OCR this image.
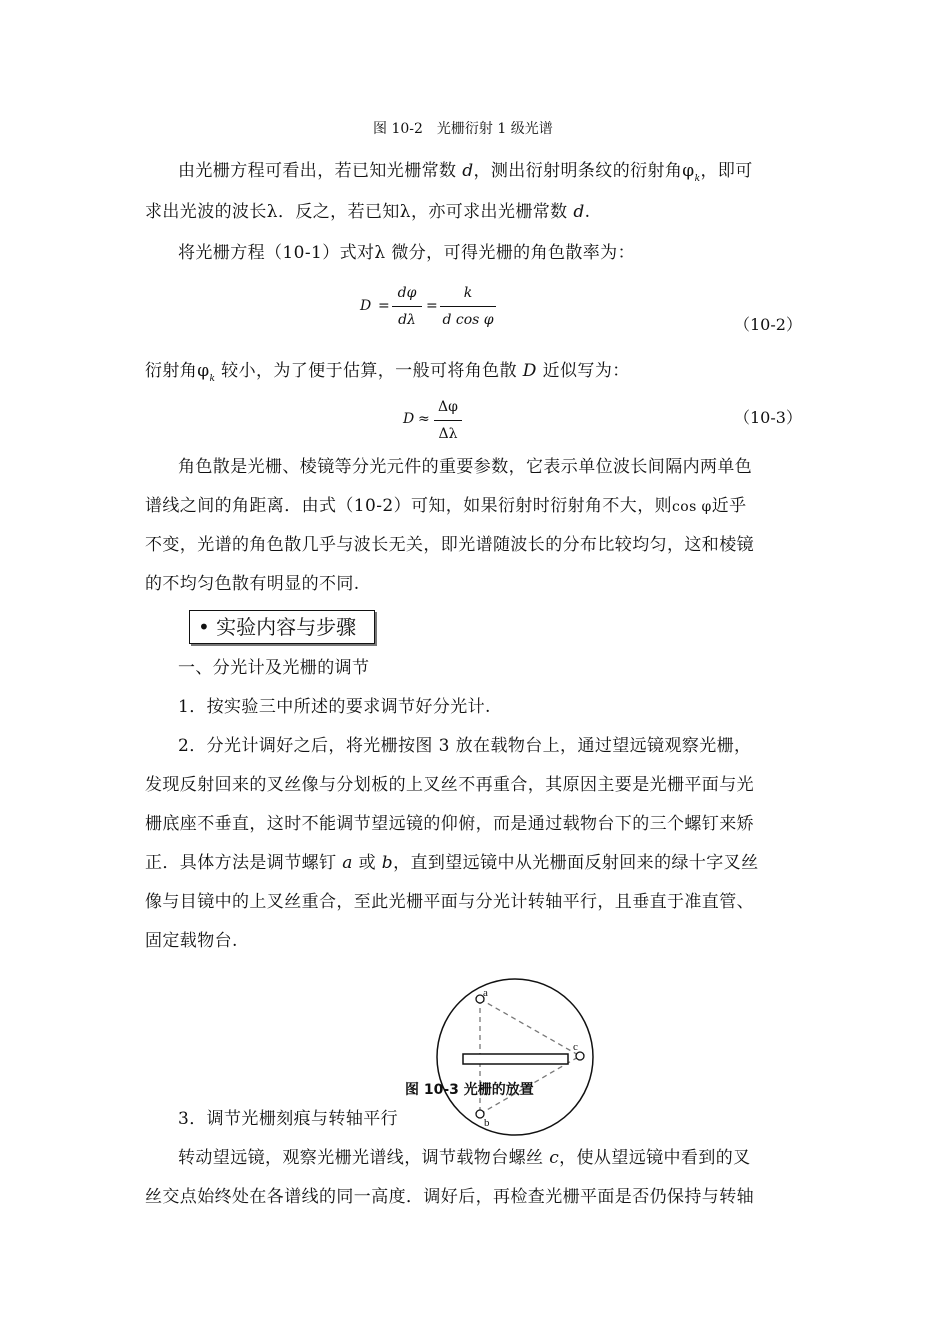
图 10-2　光栅衍射 1 级光谱
由光栅方程可看出，若已知光栅常数 d，测出衍射明条纹的衍射角$\varphi_k$，即可
求出光波的波长λ．反之，若已知λ，亦可求出光栅常数 d.
将光栅方程（10-1）式对λ 微分，可得光栅的角色散率为：
D =
dφ
dλ
=
k
d cos φ	（10-2）
衍射角$\varphi_k$ 较小，为了便于估算，一般可将角色散 D 近似写为：
D ≈
Δφ
Δλ
（10-3）
角色散是光栅、棱镜等分光元件的重要参数，它表示单位波长间隔内两单色
谱线之间的角距离．由式（10-2）可知，如果衍射时衍射角不大，则cos φ近乎
不变，光谱的角色散几乎与波长无关，即光谱随波长的分布比较均匀，这和棱镜
的不均匀色散有明显的不同.
• 实验内容与步骤
一、分光计及光栅的调节
1．按实验三中所述的要求调节好分光计.
2．分光计调好之后，将光栅按图 3 放在载物台上，通过望远镜观察光栅，
发现反射回来的叉丝像与分划板的上叉丝不再重合，其原因主要是光栅平面与光
栅底座不垂直，这时不能调节望远镜的仰俯，而是通过载物台下的三个螺钉来矫
正．具体方法是调节螺钉 a 或 b，直到望远镜中从光栅面反射回来的绿十字叉丝
像与目镜中的上叉丝重合，至此光栅平面与分光计转轴平行，且垂直于准直管、
固定载物台.
a
b
c
图 10-3 光栅的放置
3．调节光栅刻痕与转轴平行
转动望远镜，观察光栅光谱线，调节载物台螺丝 c，使从望远镜中看到的叉
丝交点始终处在各谱线的同一高度．调好后，再检查光栅平面是否仍保持与转轴
